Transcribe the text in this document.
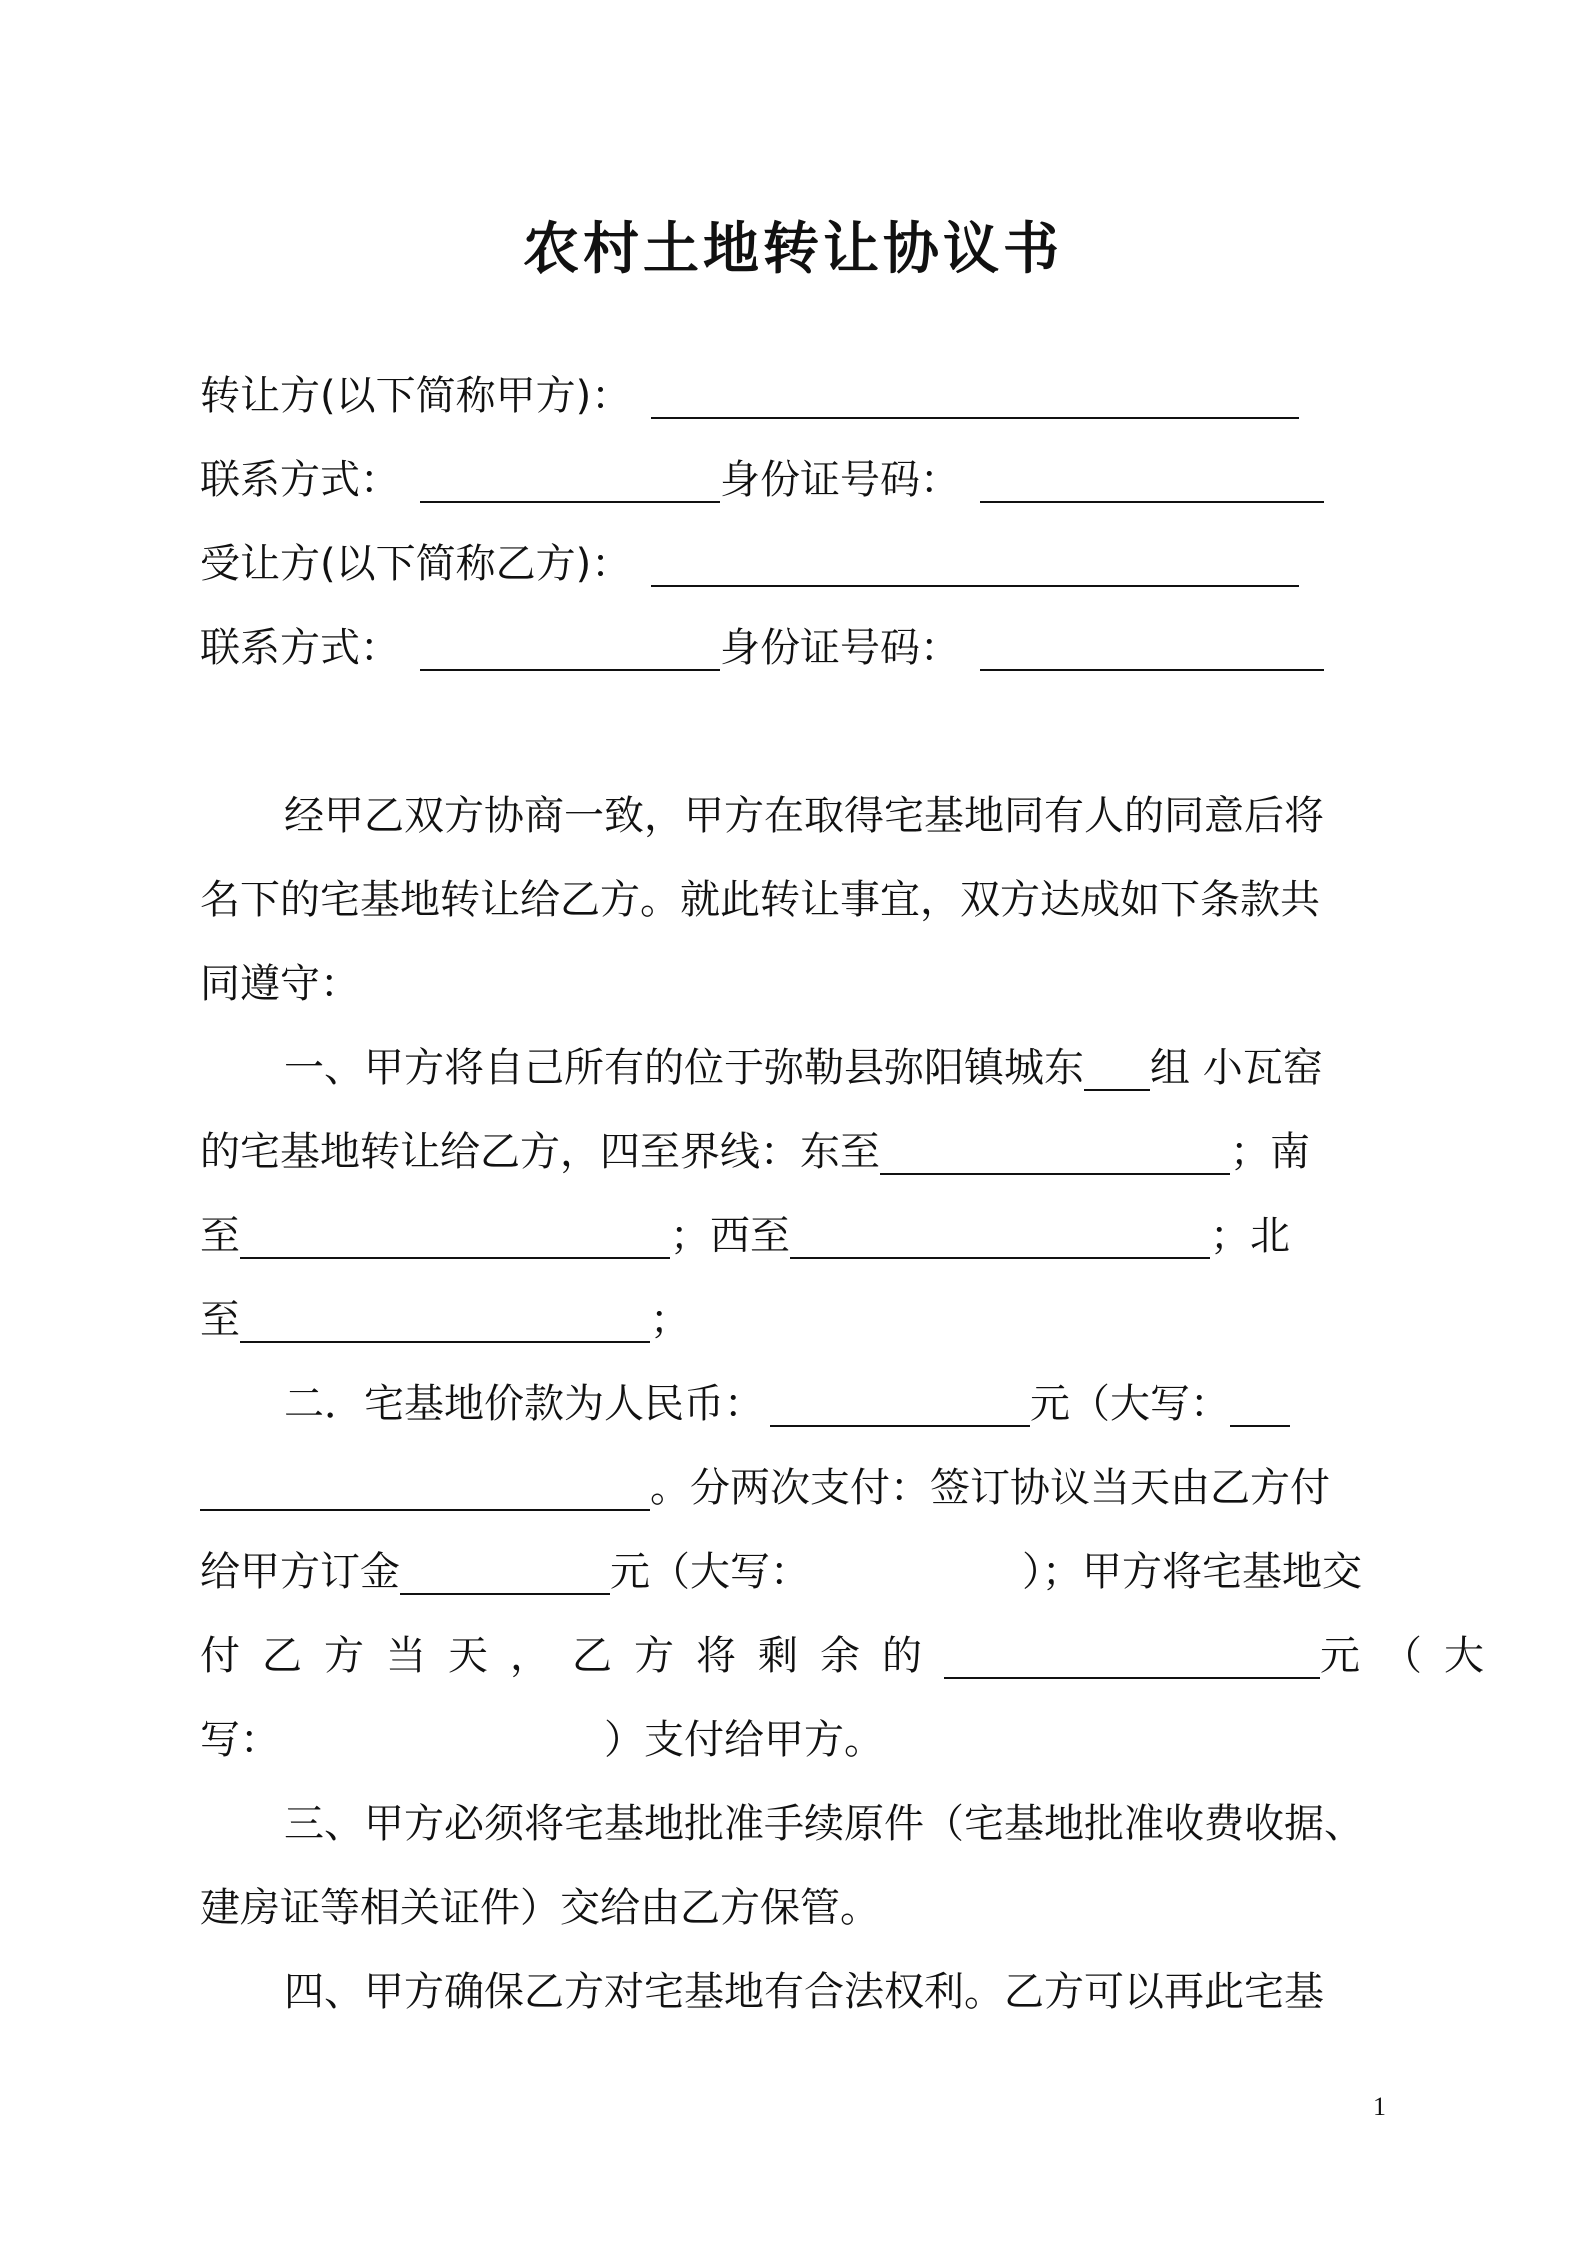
农村土地转让协议书
转让方(以下简称甲方)：
联系方式：	身份证号码：
受让方(以下简称乙方)：
联系方式：	身份证号码：
经甲乙双方协商一致，甲方在取得宅基地同有人的同意后将
名下的宅基地转让给乙方。就此转让事宜，双方达成如下条款共
同遵守：
一、甲方将自己所有的位于弥勒县弥阳镇城东 组 小瓦窑
的宅基地转让给乙方，四至界线：东至	；南
至	；西至	；北
至	；
二．宅基地价款为人民币：	元（大写：
。分两次支付：签订协议当天由乙方付
给甲方订金	元（大写：	）；甲方将宅基地交
付乙方当天，乙方将剩余的	元（大
写：	）支付给甲方。
三、甲方必须将宅基地批准手续原件（宅基地批准收费收据、
建房证等相关证件）交给由乙方保管。
四、甲方确保乙方对宅基地有合法权利。乙方可以再此宅基
1
